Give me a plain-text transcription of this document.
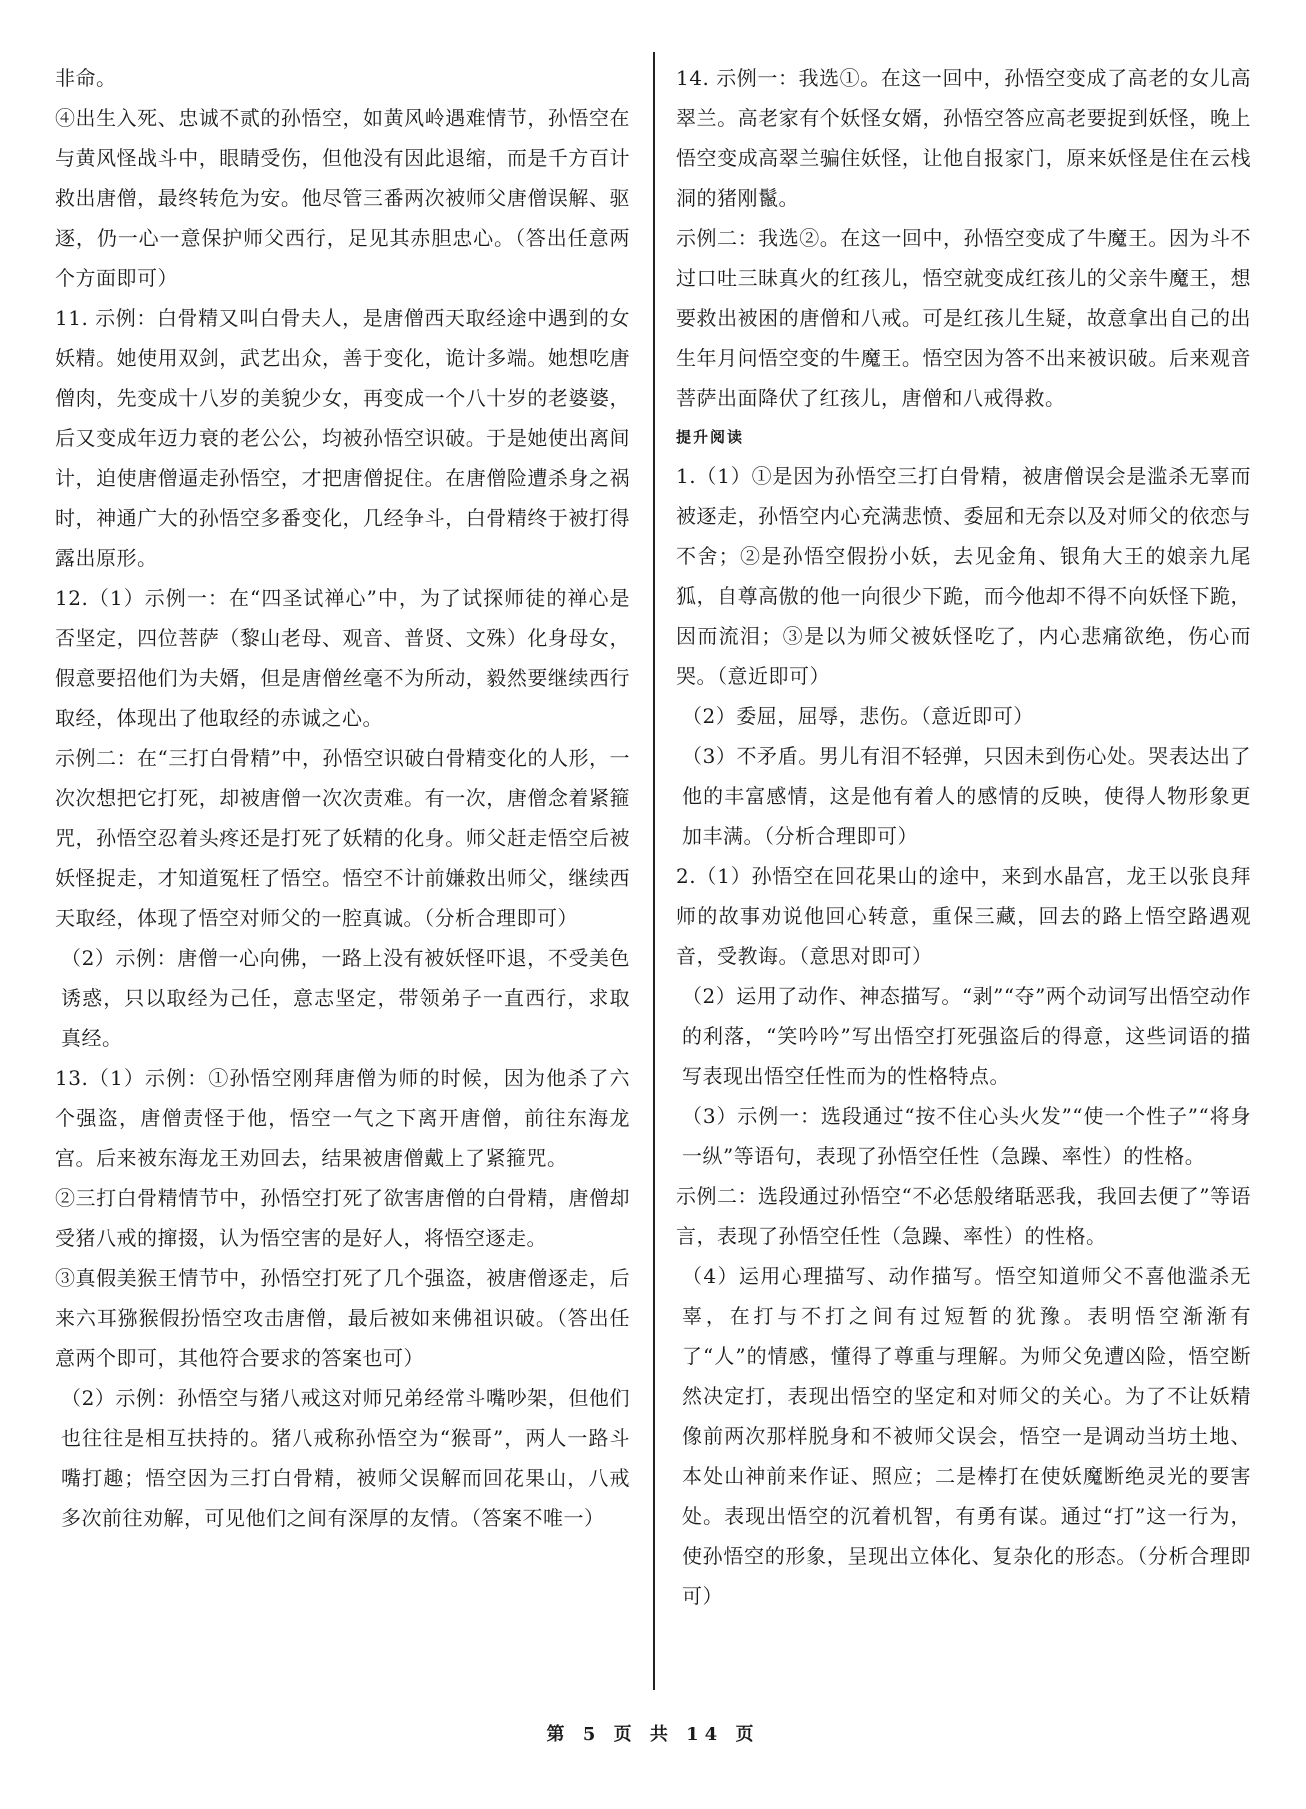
非命。

④出生入死、忠诚不贰的孙悟空，如黄风岭遇难情节，孙悟空在与黄风怪战斗中，眼睛受伤，但他没有因此退缩，而是千方百计救出唐僧，最终转危为安。他尽管三番两次被师父唐僧误解、驱逐，仍一心一意保护师父西行，足见其赤胆忠心。（答出任意两个方面即可）

11. 示例：白骨精又叫白骨夫人，是唐僧西天取经途中遇到的女妖精。她使用双剑，武艺出众，善于变化，诡计多端。她想吃唐僧肉，先变成十八岁的美貌少女，再变成一个八十岁的老婆婆，后又变成年迈力衰的老公公，均被孙悟空识破。于是她使出离间计，迫使唐僧逼走孙悟空，才把唐僧捉住。在唐僧险遭杀身之祸时，神通广大的孙悟空多番变化，几经争斗，白骨精终于被打得露出原形。

12.（1）示例一：在“四圣试禅心”中，为了试探师徒的禅心是否坚定，四位菩萨（黎山老母、观音、普贤、文殊）化身母女，假意要招他们为夫婿，但是唐僧丝毫不为所动，毅然要继续西行取经，体现出了他取经的赤诚之心。

示例二：在“三打白骨精”中，孙悟空识破白骨精变化的人形，一次次想把它打死，却被唐僧一次次责难。有一次，唐僧念着紧箍咒，孙悟空忍着头疼还是打死了妖精的化身。师父赶走悟空后被妖怪捉走，才知道冤枉了悟空。悟空不计前嫌救出师父，继续西天取经，体现了悟空对师父的一腔真诚。（分析合理即可）

（2）示例：唐僧一心向佛，一路上没有被妖怪吓退，不受美色诱惑，只以取经为己任，意志坚定，带领弟子一直西行，求取真经。

13.（1）示例：①孙悟空刚拜唐僧为师的时候，因为他杀了六个强盗，唐僧责怪于他，悟空一气之下离开唐僧，前往东海龙宫。后来被东海龙王劝回去，结果被唐僧戴上了紧箍咒。

②三打白骨精情节中，孙悟空打死了欲害唐僧的白骨精，唐僧却受猪八戒的撺掇，认为悟空害的是好人，将悟空逐走。

③真假美猴王情节中，孙悟空打死了几个强盗，被唐僧逐走，后来六耳猕猴假扮悟空攻击唐僧，最后被如来佛祖识破。（答出任意两个即可，其他符合要求的答案也可）

（2）示例：孙悟空与猪八戒这对师兄弟经常斗嘴吵架，但他们也往往是相互扶持的。猪八戒称孙悟空为“猴哥”，两人一路斗嘴打趣；悟空因为三打白骨精，被师父误解而回花果山，八戒多次前往劝解，可见他们之间有深厚的友情。（答案不唯一）

14. 示例一：我选①。在这一回中，孙悟空变成了高老的女儿高翠兰。高老家有个妖怪女婿，孙悟空答应高老要捉到妖怪，晚上悟空变成高翠兰骗住妖怪，让他自报家门，原来妖怪是住在云栈洞的猪刚鬣。

示例二：我选②。在这一回中，孙悟空变成了牛魔王。因为斗不过口吐三昧真火的红孩儿，悟空就变成红孩儿的父亲牛魔王，想要救出被困的唐僧和八戒。可是红孩儿生疑，故意拿出自己的出生年月问悟空变的牛魔王。悟空因为答不出来被识破。后来观音菩萨出面降伏了红孩儿，唐僧和八戒得救。

提升阅读

1.（1）①是因为孙悟空三打白骨精，被唐僧误会是滥杀无辜而被逐走，孙悟空内心充满悲愤、委屈和无奈以及对师父的依恋与不舍；②是孙悟空假扮小妖，去见金角、银角大王的娘亲九尾狐，自尊高傲的他一向很少下跪，而今他却不得不向妖怪下跪，因而流泪；③是以为师父被妖怪吃了，内心悲痛欲绝，伤心而哭。（意近即可）

（2）委屈，屈辱，悲伤。（意近即可）

（3）不矛盾。男儿有泪不轻弹，只因未到伤心处。哭表达出了他的丰富感情，这是他有着人的感情的反映，使得人物形象更加丰满。（分析合理即可）

2.（1）孙悟空在回花果山的途中，来到水晶宫，龙王以张良拜师的故事劝说他回心转意，重保三藏，回去的路上悟空路遇观音，受教诲。（意思对即可）

（2）运用了动作、神态描写。“剥”“夺”两个动词写出悟空动作的利落，“笑吟吟”写出悟空打死强盗后的得意，这些词语的描写表现出悟空任性而为的性格特点。

（3）示例一：选段通过“按不住心头火发”“使一个性子”“将身一纵”等语句，表现了孙悟空任性（急躁、率性）的性格。

示例二：选段通过孙悟空“不必恁般绪聒恶我，我回去便了”等语言，表现了孙悟空任性（急躁、率性）的性格。

（4）运用心理描写、动作描写。悟空知道师父不喜他滥杀无辜，在打与不打之间有过短暂的犹豫。表明悟空渐渐有了“人”的情感，懂得了尊重与理解。为师父免遭凶险，悟空断然决定打，表现出悟空的坚定和对师父的关心。为了不让妖精像前两次那样脱身和不被师父误会，悟空一是调动当坊土地、本处山神前来作证、照应；二是棒打在使妖魔断绝灵光的要害处。表现出悟空的沉着机智，有勇有谋。通过“打”这一行为，使孙悟空的形象，呈现出立体化、复杂化的形态。（分析合理即可）

第 5 页 共 14 页
